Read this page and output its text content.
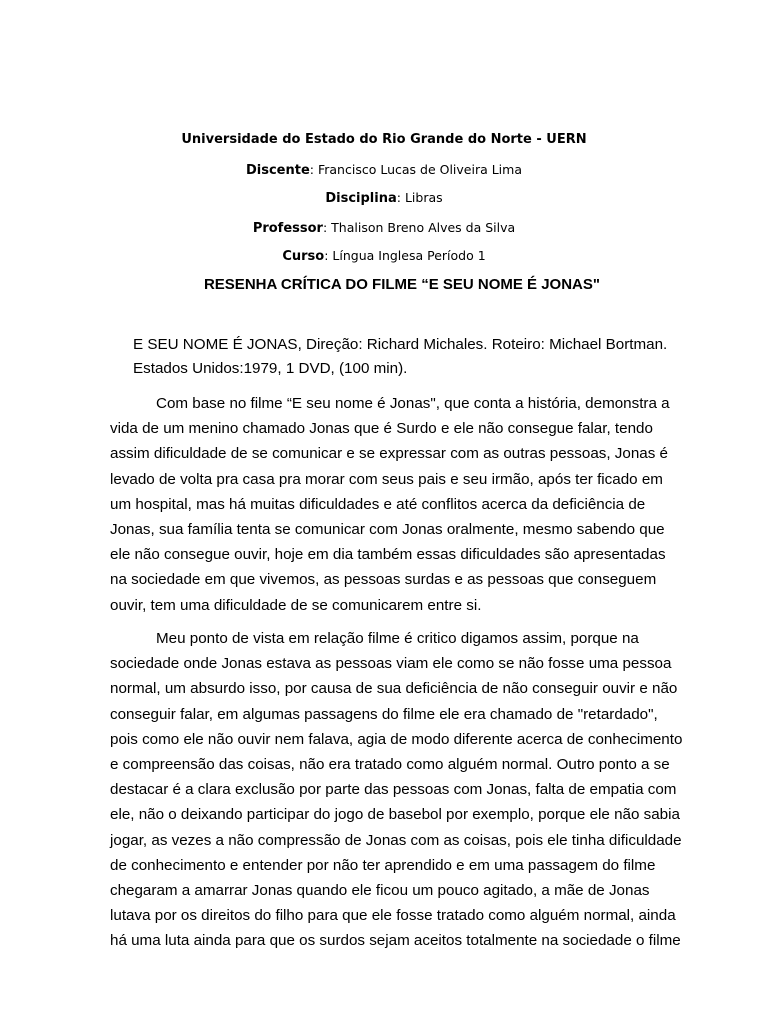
Universidade do Estado do Rio Grande do Norte - UERN
Discente: Francisco Lucas de Oliveira Lima
Disciplina: Libras
Professor: Thalison Breno Alves da Silva
Curso: Língua Inglesa Período 1
RESENHA CRÍTICA DO FILME “E SEU NOME É JONAS"
E SEU NOME É JONAS, Direção: Richard Michales. Roteiro: Michael Bortman.
Estados Unidos:1979, 1 DVD, (100 min).
Com base no filme “E seu nome é Jonas", que conta a história, demonstra a
vida de um menino chamado Jonas que é Surdo e ele não consegue falar, tendo
assim dificuldade de se comunicar e se expressar com as outras pessoas, Jonas é
levado de volta pra casa pra morar com seus pais e seu irmão, após ter ficado em
um hospital, mas há muitas dificuldades e até conflitos acerca da deficiência de
Jonas, sua família tenta se comunicar com Jonas oralmente, mesmo sabendo que
ele não consegue ouvir, hoje em dia também essas dificuldades são apresentadas
na sociedade em que vivemos, as pessoas surdas e as pessoas que conseguem
ouvir, tem uma dificuldade de se comunicarem entre si.
Meu ponto de vista em relação filme é critico digamos assim, porque na
sociedade onde Jonas estava as pessoas viam ele como se não fosse uma pessoa
normal, um absurdo isso, por causa de sua deficiência de não conseguir ouvir e não
conseguir falar, em algumas passagens do filme ele era chamado de "retardado",
pois como ele não ouvir nem falava, agia de modo diferente acerca de conhecimento
e compreensão das coisas, não era tratado como alguém normal. Outro ponto a se
destacar é a clara exclusão por parte das pessoas com Jonas, falta de empatia com
ele, não o deixando participar do jogo de basebol por exemplo, porque ele não sabia
jogar, as vezes a não compressão de Jonas com as coisas, pois ele tinha dificuldade
de conhecimento e entender por não ter aprendido e em uma passagem do filme
chegaram a amarrar Jonas quando ele ficou um pouco agitado, a mãe de Jonas
lutava por os direitos do filho para que ele fosse tratado como alguém normal, ainda
há uma luta ainda para que os surdos sejam aceitos totalmente na sociedade o filme
